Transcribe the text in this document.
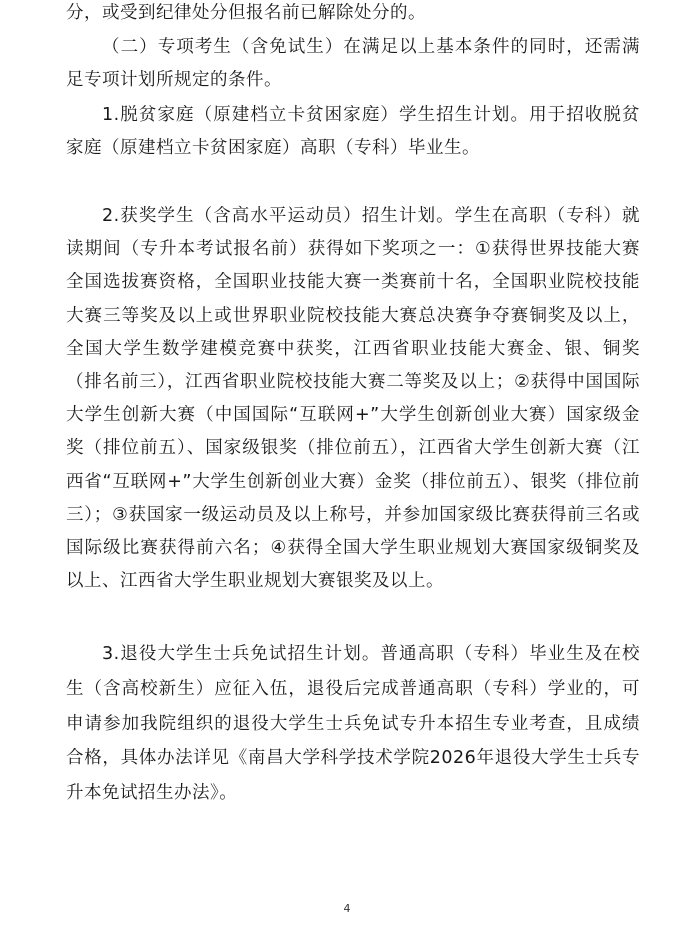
分，或受到纪律处分但报名前已解除处分的。

（二）专项考生（含免试生）在满足以上基本条件的同时，还需满足专项计划所规定的条件。

1.脱贫家庭（原建档立卡贫困家庭）学生招生计划。用于招收脱贫家庭（原建档立卡贫困家庭）高职（专科）毕业生。

2.获奖学生（含高水平运动员）招生计划。学生在高职（专科）就读期间（专升本考试报名前）获得如下奖项之一：①获得世界技能大赛全国选拔赛资格，全国职业技能大赛一类赛前十名，全国职业院校技能大赛三等奖及以上或世界职业院校技能大赛总决赛争夺赛铜奖及以上，全国大学生数学建模竞赛中获奖，江西省职业技能大赛金、银、铜奖（排名前三），江西省职业院校技能大赛二等奖及以上；②获得中国国际大学生创新大赛（中国国际“互联网+”大学生创新创业大赛）国家级金奖（排位前五）、国家级银奖（排位前五），江西省大学生创新大赛（江西省“互联网+”大学生创新创业大赛）金奖（排位前五）、银奖（排位前三）；③获国家一级运动员及以上称号，并参加国家级比赛获得前三名或国际级比赛获得前六名；④获得全国大学生职业规划大赛国家级铜奖及以上、江西省大学生职业规划大赛银奖及以上。

3.退役大学生士兵免试招生计划。普通高职（专科）毕业生及在校生（含高校新生）应征入伍，退役后完成普通高职（专科）学业的，可申请参加我院组织的退役大学生士兵免试专升本招生专业考查，且成绩合格，具体办法详见《南昌大学科学技术学院2026年退役大学生士兵专升本免试招生办法》。

4
